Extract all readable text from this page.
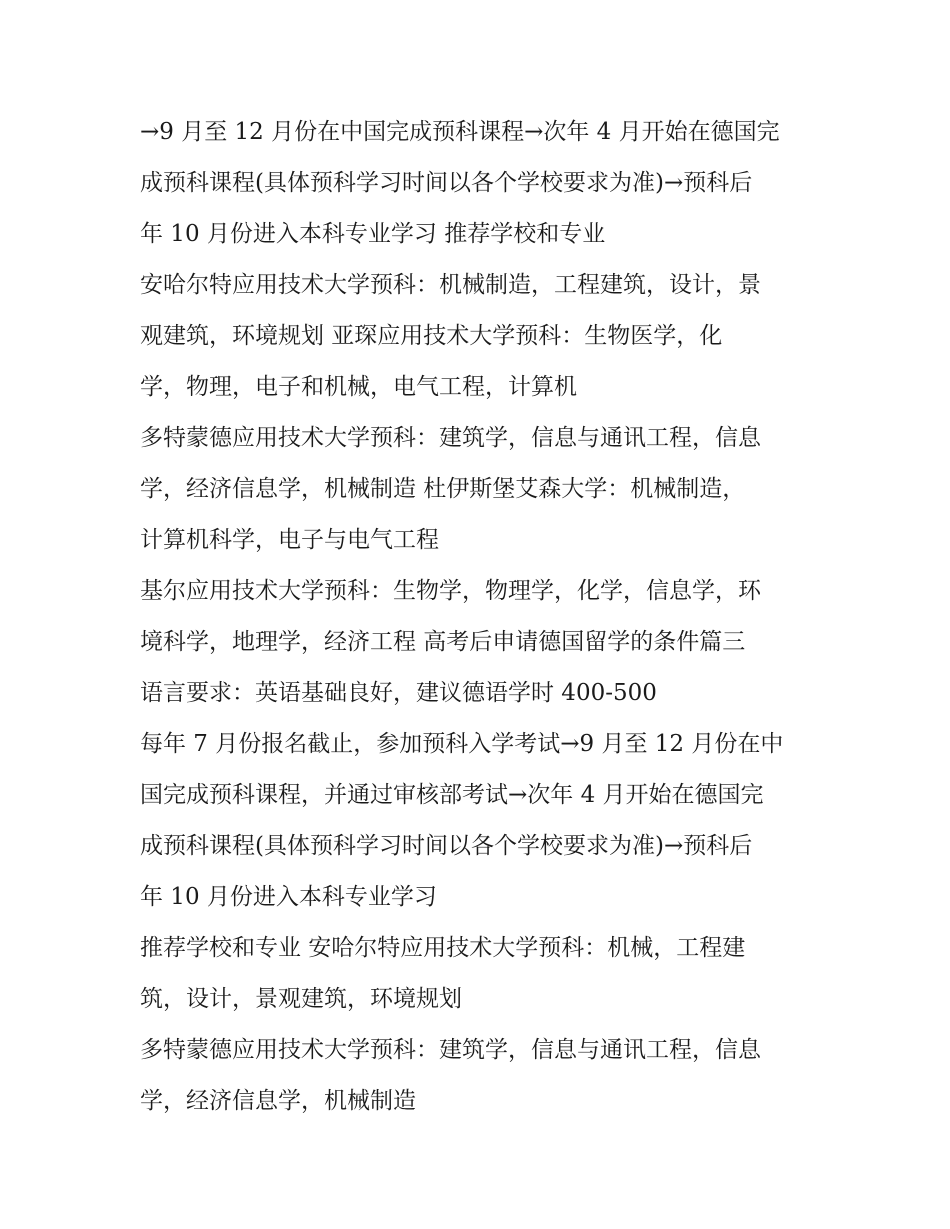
→9 月至 12 月份在中国完成预科课程→次年 4 月开始在德国完
成预科课程(具体预科学习时间以各个学校要求为准)→预科后
年 10 月份进入本科专业学习 推荐学校和专业

安哈尔特应用技术大学预科：机械制造，工程建筑，设计，景
观建筑，环境规划 亚琛应用技术大学预科：生物医学，化
学，物理，电子和机械，电气工程，计算机

多特蒙德应用技术大学预科：建筑学，信息与通讯工程，信息
学，经济信息学，机械制造 杜伊斯堡艾森大学：机械制造，
计算机科学，电子与电气工程

基尔应用技术大学预科：生物学，物理学，化学，信息学，环
境科学，地理学，经济工程 高考后申请德国留学的条件篇三
语言要求：英语基础良好，建议德语学时 400-500

每年 7 月份报名截止，参加预科入学考试→9 月至 12 月份在中
国完成预科课程，并通过审核部考试→次年 4 月开始在德国完
成预科课程(具体预科学习时间以各个学校要求为准)→预科后
年 10 月份进入本科专业学习

推荐学校和专业 安哈尔特应用技术大学预科：机械，工程建
筑，设计，景观建筑，环境规划

多特蒙德应用技术大学预科：建筑学，信息与通讯工程，信息
学，经济信息学，机械制造
